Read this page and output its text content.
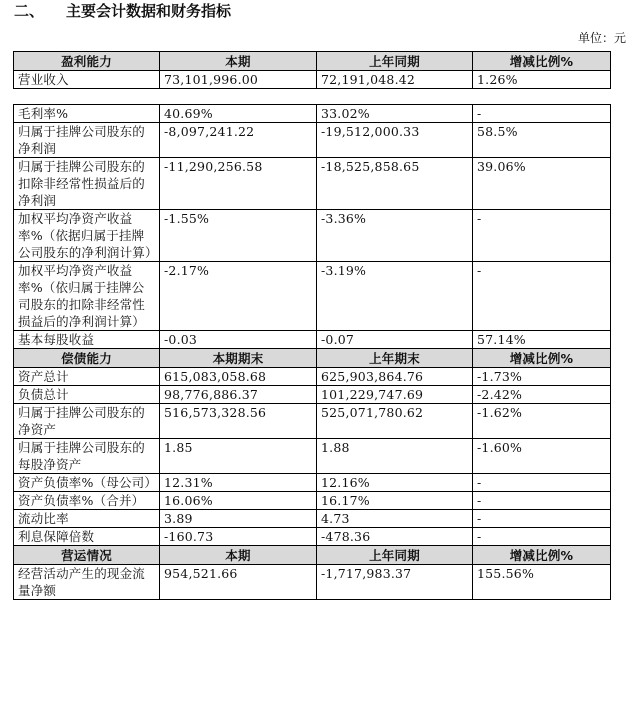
二、 主要会计数据和财务指标
单位：元
盈利能力	本期	上年同期	增减比例%
营业收入	73,101,996.00	72,191,048.42	1.26%
毛利率%	40.69%	33.02%	-
归属于挂牌公司股东的净利润	-8,097,241.22	-19,512,000.33	58.5%
归属于挂牌公司股东的扣除非经常性损益后的净利润	-11,290,256.58	-18,525,858.65	39.06%
加权平均净资产收益率%（依据归属于挂牌公司股东的净利润计算）	-1.55%	-3.36%	-
加权平均净资产收益率%（依归属于挂牌公司股东的扣除非经常性损益后的净利润计算）	-2.17%	-3.19%	-
基本每股收益	-0.03	-0.07	57.14%
偿债能力	本期期末	上年期末	增减比例%
资产总计	615,083,058.68	625,903,864.76	-1.73%
负债总计	98,776,886.37	101,229,747.69	-2.42%
归属于挂牌公司股东的净资产	516,573,328.56	525,071,780.62	-1.62%
归属于挂牌公司股东的每股净资产	1.85	1.88	-1.60%
资产负债率%（母公司）	12.31%	12.16%	-
资产负债率%（合并）	16.06%	16.17%	-
流动比率	3.89	4.73	-
利息保障倍数	-160.73	-478.36	-
营运情况	本期	上年同期	增减比例%
经营活动产生的现金流量净额	954,521.66	-1,717,983.37	155.56%
